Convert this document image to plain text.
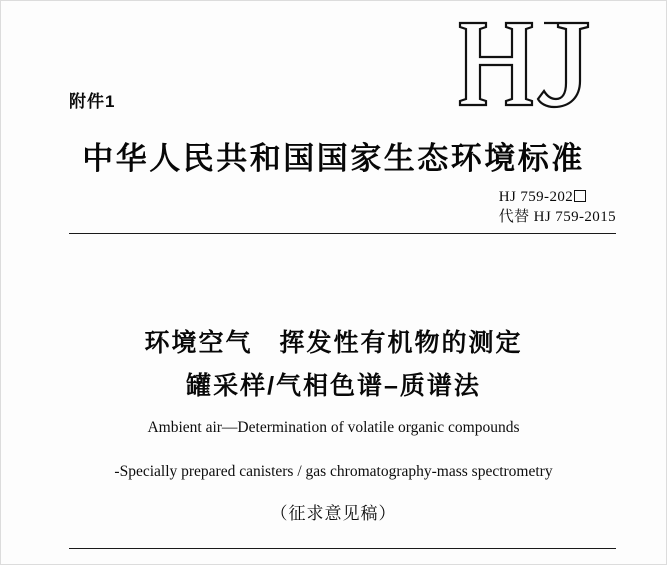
附件1
中华人民共和国国家生态环境标准
HJ 759-202
代替 HJ 759-2015
环境空气　挥发性有机物的测定
罐采样/气相色谱–质谱法
Ambient air—Determination of volatile organic compounds
-Specially prepared canisters / gas chromatography-mass spectrometry
（征求意见稿）
